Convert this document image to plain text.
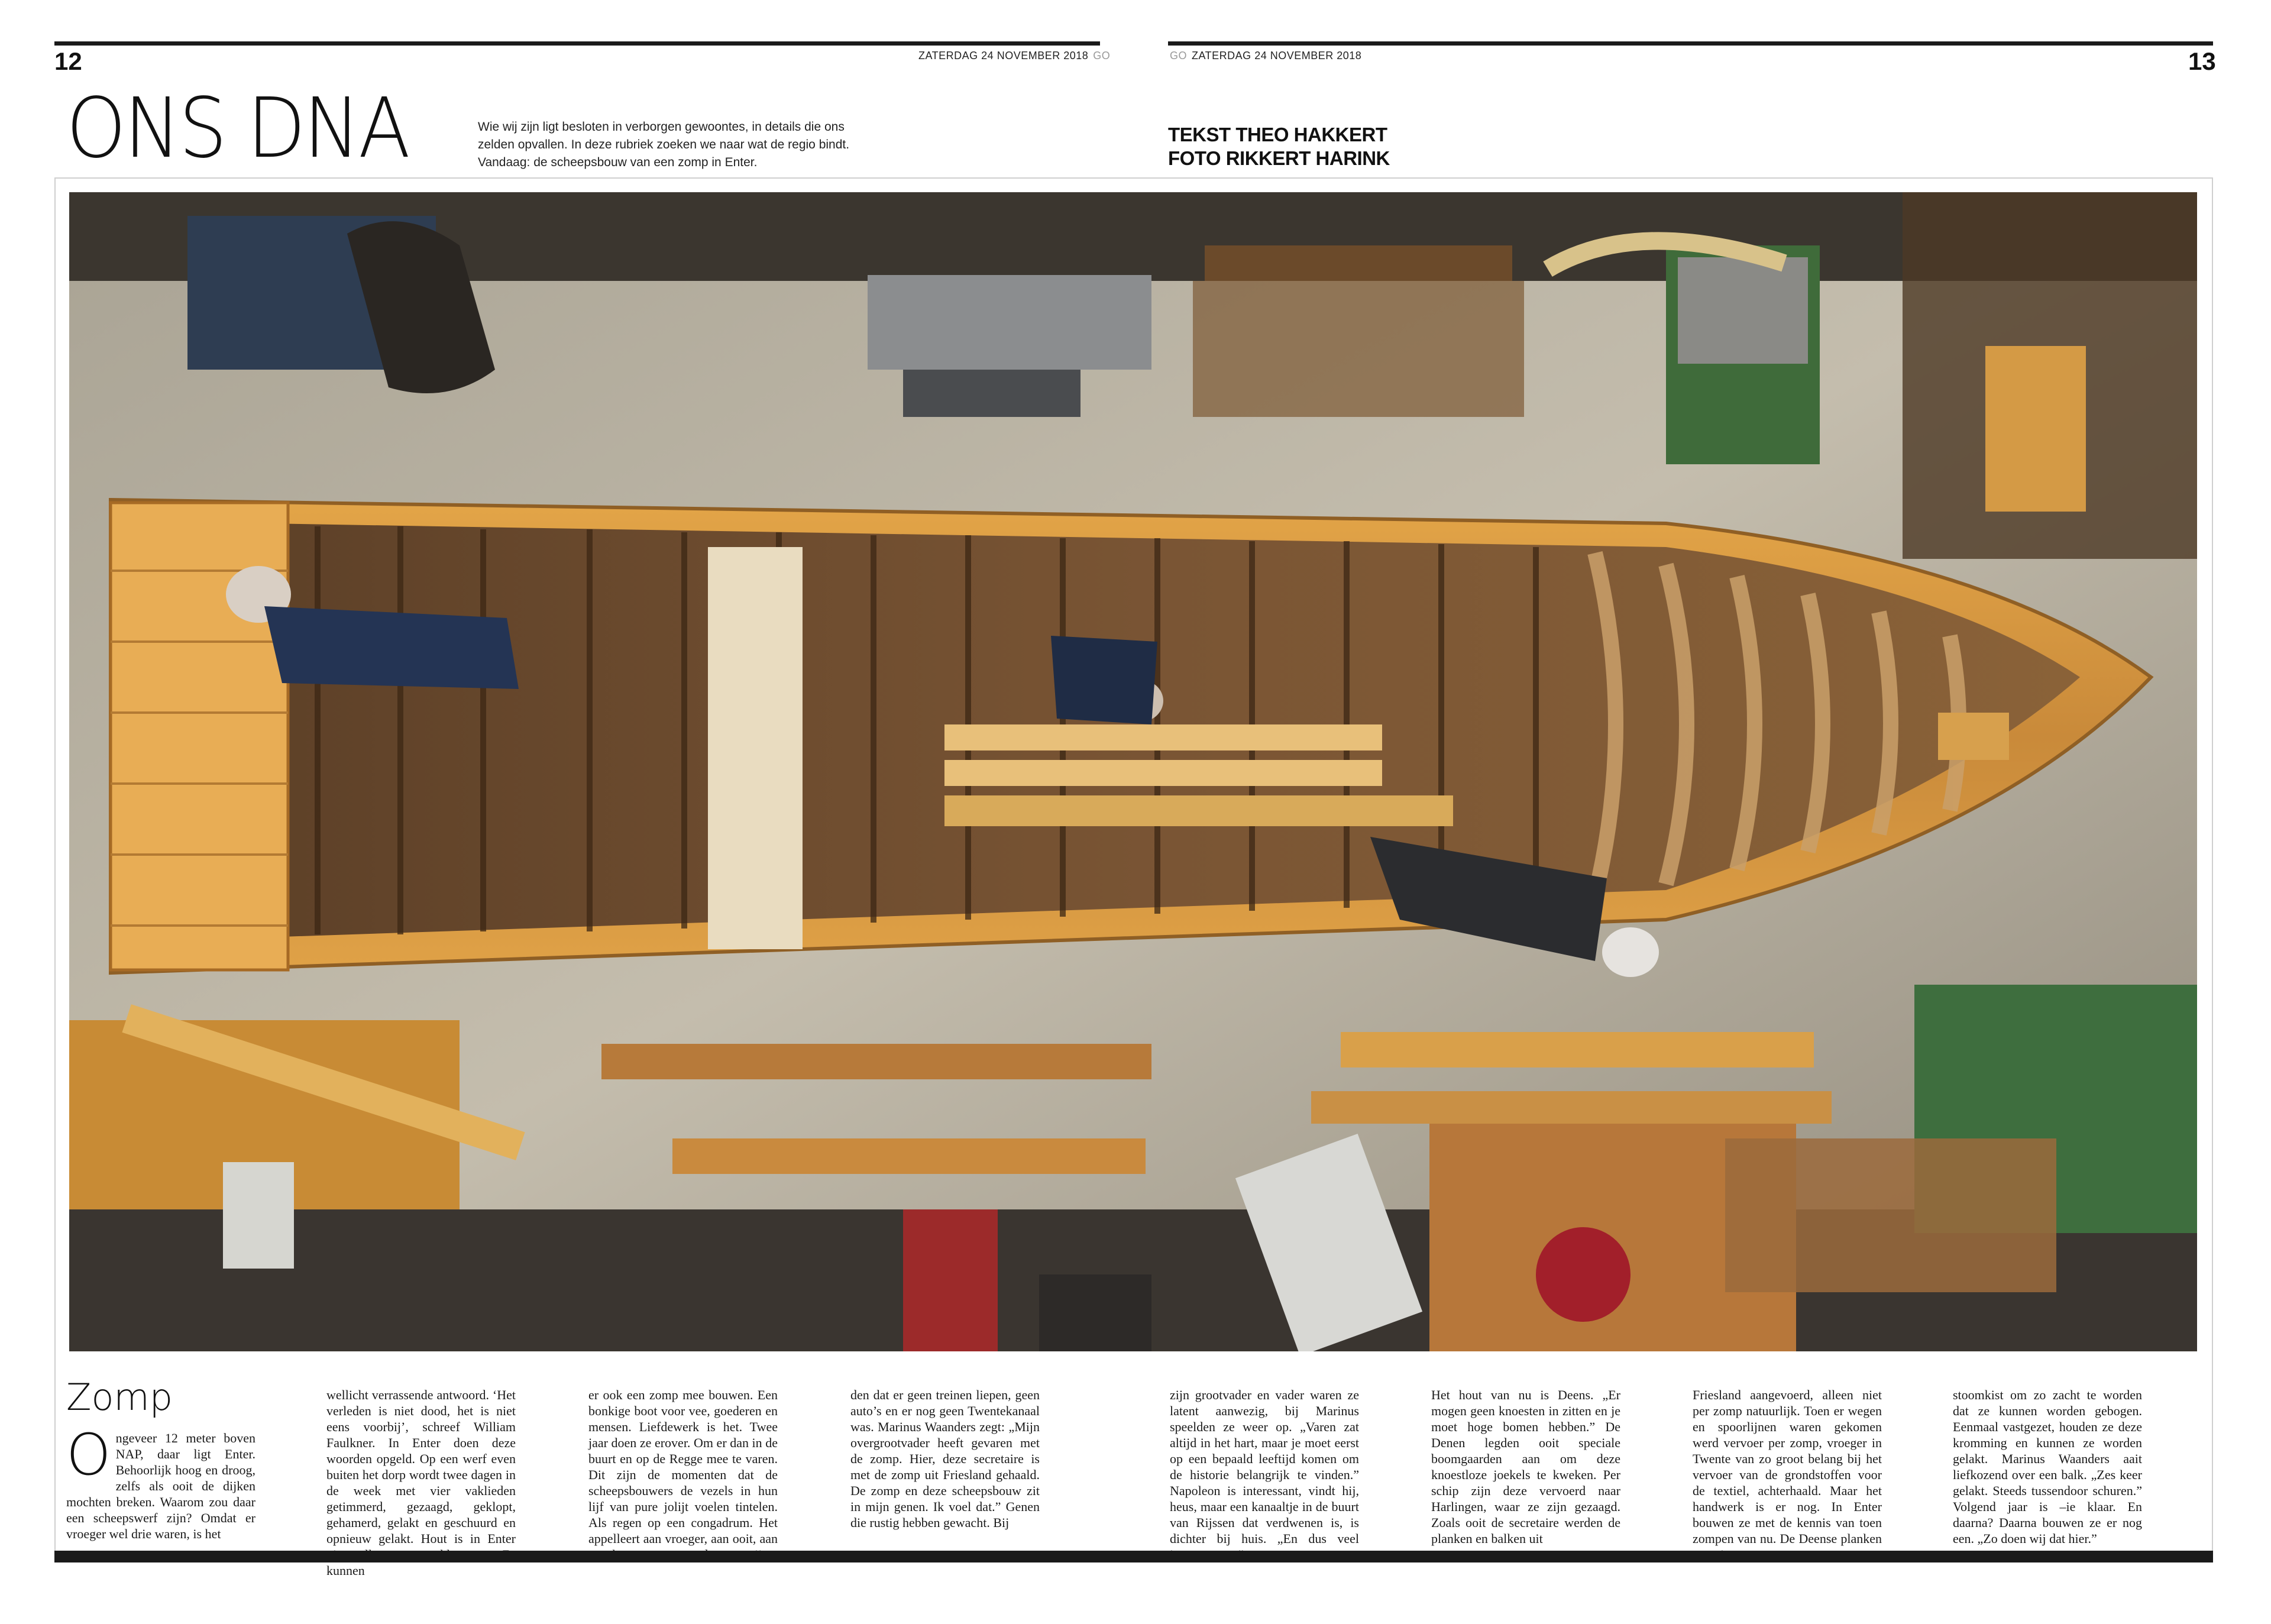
12	13
ZATERDAG 24 NOVEMBER 2018 GO	GO ZATERDAG 24 NOVEMBER 2018
ONS DNA	Wie wij zijn ligt besloten in verborgen gewoontes, in details die ons zelden opvallen. In deze rubriek zoeken we naar wat de regio bindt. Vandaag: de scheepsbouw van een zomp in Enter.
TEKST THEO HAKKERT
FOTO RIKKERT HARINK
Zomp
O ngeveer 12 meter boven NAP, daar ligt Enter. Behoorlijk hoog en droog, zelfs als ooit de dijken mochten breken. Waarom zou daar een scheepswerf zijn? Omdat er vroeger wel drie waren, is het

wellicht verrassende antwoord. ‘Het verleden is niet dood, het is niet eens voorbij’, schreef William Faulkner. In Enter doen deze woorden opgeld. Op een werf even buiten het dorp wordt twee dagen in de week met vier vaklieden getimmerd, gezaagd, geklopt, gehamerd, gelakt en geschuurd en opnieuw gelakt. Hout is in Enter kunnen

er ook een zomp mee bouwen. Een bonkige boot voor vee, goederen en mensen. Liefdewerk is het. Twee jaar doen ze erover. Om er dan in de buurt en op de Regge mee te varen. Dit zijn de momenten dat de scheepsbouwers de vezels in hun lijf van pure jolijt voelen tintelen. Als regen op een congadrum. Het appelleert aan vroeger, aan ooit, aan

den dat er geen treinen liepen, geen auto’s en er nog geen Twentekanaal was. Marinus Waanders zegt: „Mijn overgrootvader heeft gevaren met de zomp. Hier, deze secretaire is met de zomp uit Friesland gehaald. De zomp en deze scheepsbouw zit in mijn genen. Ik voel dat.” Genen die rustig hebben gewacht. Bij

zijn grootvader en vader waren ze latent aanwezig, bij Marinus speelden ze weer op. „Varen zat altijd in het hart, maar je moet eerst op een bepaald leeftijd komen om de historie belangrijk te vinden.” Napoleon is interessant, vindt hij, heus, maar een kanaaltje in de buurt van Rijssen dat verdwenen is, is dichter bij huis. „En dus veel

Het hout van nu is Deens. „Er mogen geen knoesten in zitten en je moet hoge bomen hebben.” De Denen legden ooit speciale boomgaarden aan om deze knoestloze joekels te kweken. Per schip zijn deze vervoerd naar Harlingen, waar ze zijn gezaagd. Zoals ooit de secretaire werden de planken en balken uit

Friesland aangevoerd, alleen niet per zomp natuurlijk. Toen er wegen en spoorlijnen waren gekomen werd vervoer per zomp, vroeger in Twente van zo groot belang bij het vervoer van de grondstoffen voor de textiel, achterhaald. Maar het handwerk is er nog. In Enter bouwen ze met de kennis van toen zompen van nu. De Deense planken

stoomkist om zo zacht te worden dat ze kunnen worden gebogen. Eenmaal vastgezet, houden ze deze kromming en kunnen ze worden gelakt. Marinus Waanders aait liefkozend over een balk. „Zes keer gelakt. Steeds tussendoor schuren.” Volgend jaar is –ie klaar. En daarna? Daarna bouwen ze er nog een. „Zo doen wij dat hier.”
